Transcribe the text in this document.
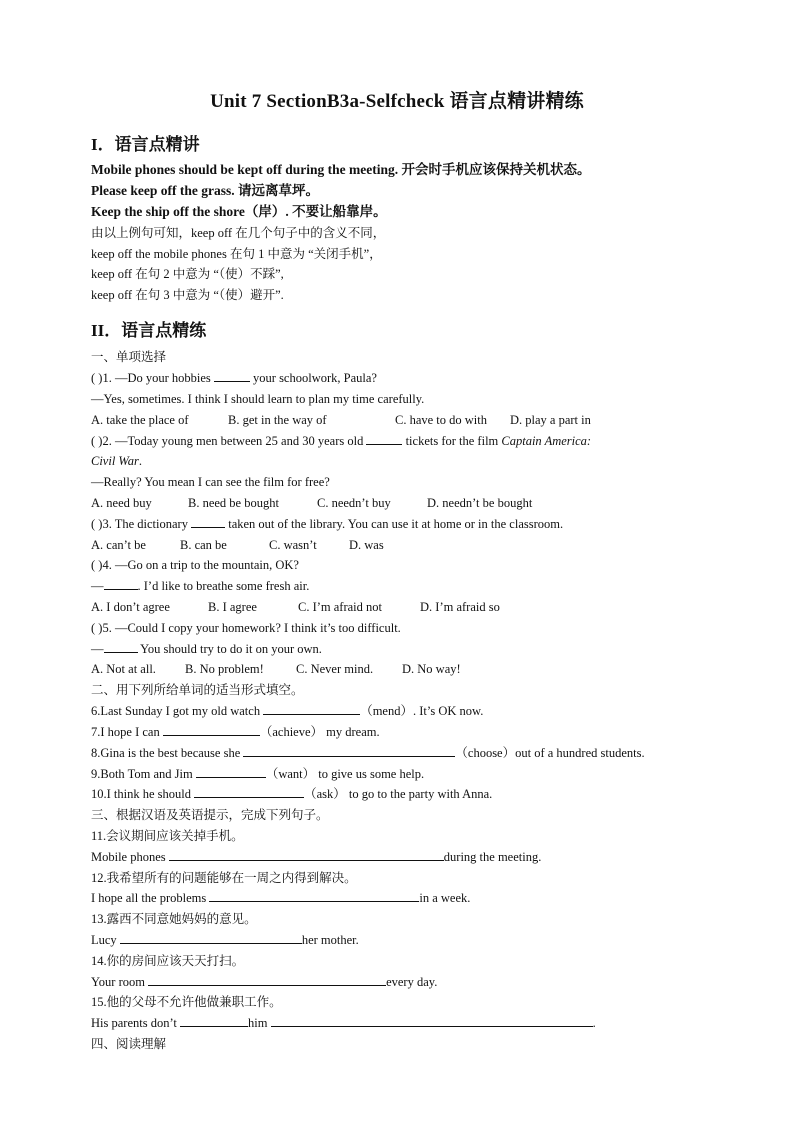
Unit 7 SectionB3a-Selfcheck 语言点精讲精练
I．语言点精讲
Mobile phones should be kept off during the meeting. 开会时手机应该保持关机状态。
Please keep off the grass. 请远离草坪。
Keep the ship off the shore（岸）. 不要让船靠岸。
由以上例句可知，keep off 在几个句子中的含义不同，
keep off the mobile phones 在句 1 中意为 “关闭手机”，
keep off 在句 2 中意为 “（使）不踩”,
keep off 在句 3 中意为 “（使）避开”.
II．语言点精练
一、单项选择
( )1. —Do your hobbies	your schoolwork, Paula?
—Yes, sometimes. I think I should learn to plan my time carefully.
A. take the place of	B. get in the way of	C. have to do with D. play a part in
( )2. —Today young men between 25 and 30 years old	tickets for the film Captain America:
Civil War.
—Really? You mean I can see the film for free?
A. need buy	B. need be bought	C. needn’t buy	D. needn’t be bought
( )3. The dictionary	taken out of the library. You can use it at home or in the classroom.
A. can’t be	B. can be	C. wasn’t	D. was
( )4. —Go on a trip to the mountain, OK?
—	. I’d like to breathe some fresh air.
A. I don’t agree	B. I agree	C. I’m afraid not	D. I’m afraid so
( )5. —Could I copy your homework? I think it’s too difficult.
—	You should try to do it on your own.
A. Not at all. B. No problem!	C. Never mind. D. No way!
二、用下列所给单词的适当形式填空。
6.Last Sunday I got my old watch	（mend）. It’s OK now.
7.I hope I can	（achieve） my dream.
8.Gina is the best because she	（choose）out of a hundred students.
9.Both Tom and Jim	（want） to give us some help.
10.I think he should	（ask） to go to the party with Anna.
三、根据汉语及英语提示，完成下列句子。
11.会议期间应该关掉手机。
Mobile phones	during the meeting.
12.我希望所有的问题能够在一周之内得到解决。
I hope all the problems	in a week.
13.露西不同意她妈妈的意见。
Lucy	her mother.
14.你的房间应该天天打扫。
Your room	every day.
15.他的父母不允许他做兼职工作。
His parents don’t	him	.
四、阅读理解
